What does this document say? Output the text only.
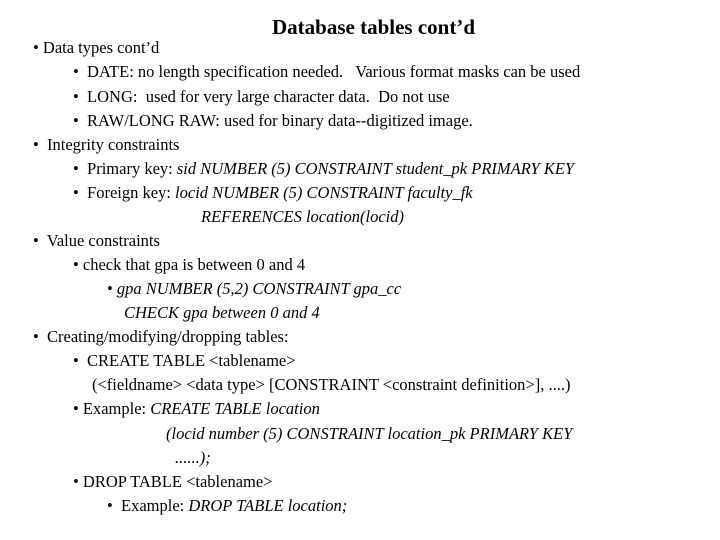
Database tables cont’d
• Data types cont’d
• DATE: no length specification needed.   Various format masks can be used
• LONG:  used for very large character data.  Do not use
• RAW/LONG RAW: used for binary data--digitized image.
• Integrity constraints
• Primary key: sid NUMBER (5) CONSTRAINT student_pk PRIMARY KEY
• Foreign key: locid NUMBER (5) CONSTRAINT faculty_fk
REFERENCES location(locid)
• Value constraints
• check that gpa is between 0 and 4
• gpa NUMBER (5,2) CONSTRAINT gpa_cc
CHECK gpa between 0 and 4
• Creating/modifying/dropping tables:
• CREATE TABLE <tablename>
(<fieldname> <data type> [CONSTRAINT <constraint definition>], ....)
• Example: CREATE TABLE location
(locid number (5) CONSTRAINT location_pk PRIMARY KEY
......);
• DROP TABLE <tablename>
• Example: DROP TABLE location;
